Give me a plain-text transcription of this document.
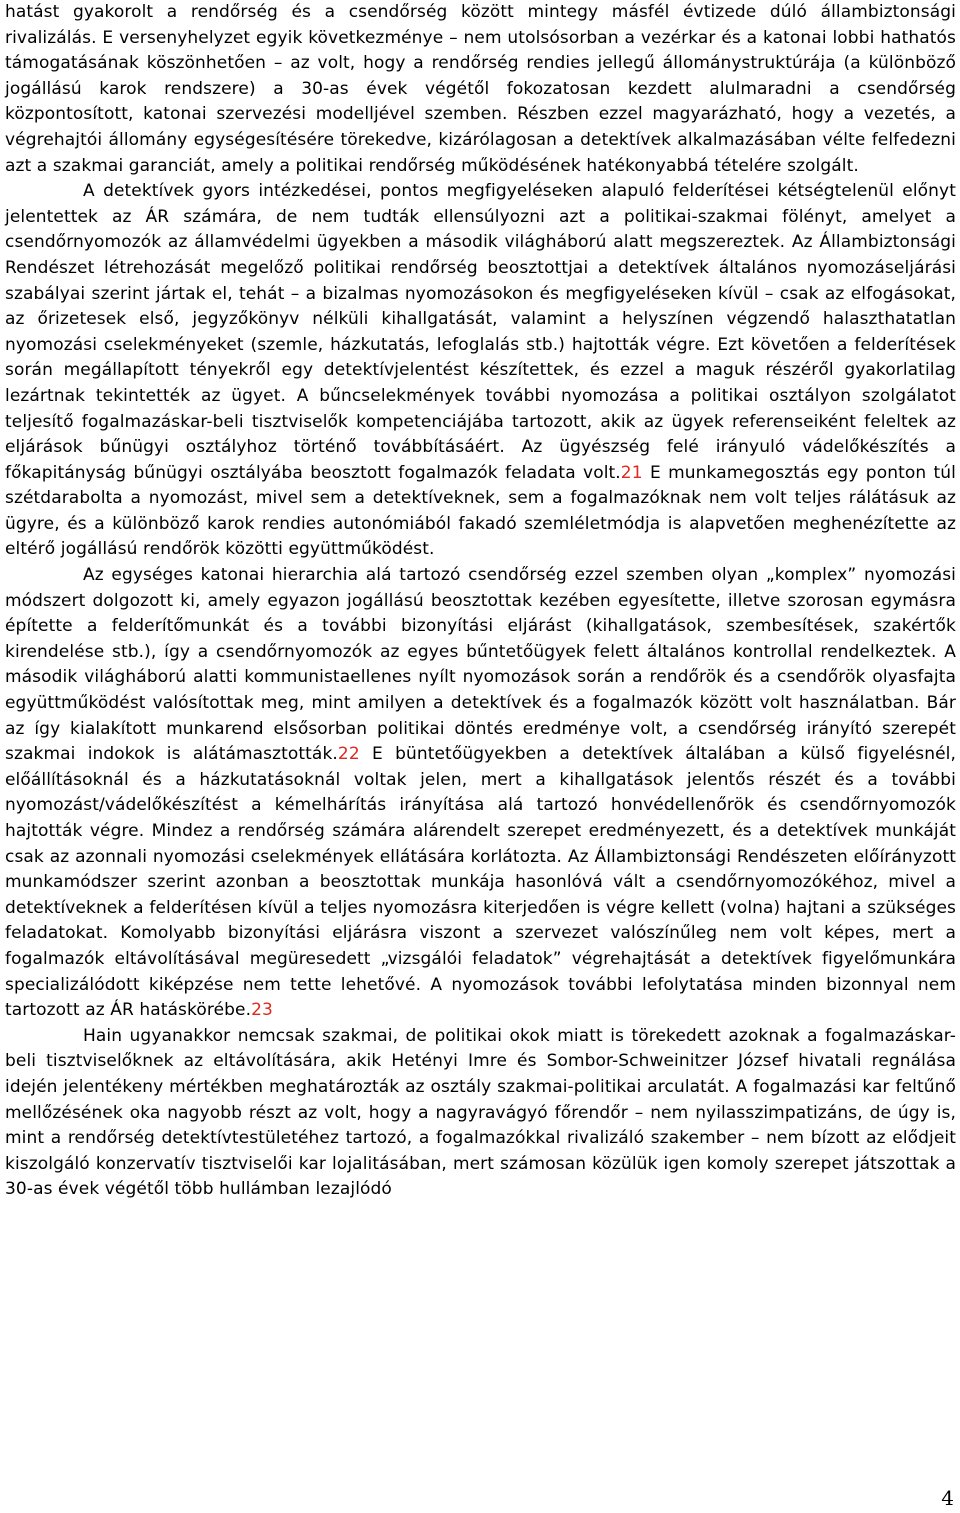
hatást gyakorolt a rendőrség és a csendőrség között mintegy másfél évtizede dúló állambiztonsági rivalizálás. E versenyhelyzet egyik következménye – nem utolsósorban a vezérkar és a katonai lobbi hathatós támogatásának köszönhetően – az volt, hogy a rendőrség rendies jellegű állománystruktúrája (a különböző jogállású karok rendszere) a 30-as évek végétől fokozatosan kezdett alulmaradni a csendőrség központosított, katonai szervezési modelljével szemben. Részben ezzel magyarázható, hogy a vezetés, a végrehajtói állomány egységesítésére törekedve, kizárólagosan a detektívek alkalmazásában vélte felfedezni azt a szakmai garanciát, amely a politikai rendőrség működésének hatékonyabbá tételére szolgált.

A detektívek gyors intézkedései, pontos megfigyeléseken alapuló felderítései kétségtelenül előnyt jelentettek az ÁR számára, de nem tudták ellensúlyozni azt a politikai-szakmai fölényt, amelyet a csendőrnyomozók az államvédelmi ügyekben a második világháború alatt megszereztek. Az Állambiztonsági Rendészet létrehozását megelőző politikai rendőrség beosztottjai a detektívek általános nyomozáseljárási szabályai szerint jártak el, tehát – a bizalmas nyomozásokon és megfigyeléseken kívül – csak az elfogásokat, az őrizetesek első, jegyzőkönyv nélküli kihallgatását, valamint a helyszínen végzendő halaszthatatlan nyomozási cselekményeket (szemle, házkutatás, lefoglalás stb.) hajtották végre. Ezt követően a felderítések során megállapított tényekről egy detektívjelentést készítettek, és ezzel a maguk részéről gyakorlatilag lezártnak tekintették az ügyet. A bűncselekmények további nyomozása a politikai osztályon szolgálatot teljesítő fogalmazáskar-beli tisztviselők kompetenciájába tartozott, akik az ügyek referenseiként feleltek az eljárások bűnügyi osztályhoz történő továbbításáért. Az ügyészség felé irányuló vádelőkészítés a főkapitányság bűnügyi osztályába beosztott fogalmazók feladata volt.21 E munkamegosztás egy ponton túl szétdarabolta a nyomozást, mivel sem a detektíveknek, sem a fogalmazóknak nem volt teljes rálátásuk az ügyre, és a különböző karok rendies autonómiából fakadó szemléletmódja is alapvetően meghenézítette az eltérő jogállású rendőrök közötti együttműködést.

Az egységes katonai hierarchia alá tartozó csendőrség ezzel szemben olyan „komplex” nyomozási módszert dolgozott ki, amely egyazon jogállású beosztottak kezében egyesítette, illetve szorosan egymásra építette a felderítőmunkát és a további bizonyítási eljárást (kihallgatások, szembesítések, szakértők kirendelése stb.), így a csendőrnyomozók az egyes bűntetőügyek felett általános kontrollal rendelkeztek. A második világháború alatti kommunistaellenes nyílt nyomozások során a rendőrök és a csendőrök olyasfajta együttműködést valósítottak meg, mint amilyen a detektívek és a fogalmazók között volt használatban. Bár az így kialakított munkarend elsősorban politikai döntés eredménye volt, a csendőrség irányító szerepét szakmai indokok is alátámasztották.22 E büntetőügyekben a detektívek általában a külső figyelésnél, előállításoknál és a házkutatásoknál voltak jelen, mert a kihallgatások jelentős részét és a további nyomozást/vádelőkészítést a kémelhárítás irányítása alá tartozó honvédellenőrök és csendőrnyomozók hajtották végre. Mindez a rendőrség számára alárendelt szerepet eredményezett, és a detektívek munkáját csak az azonnali nyomozási cselekmények ellátására korlátozta. Az Állambiztonsági Rendészeten előírányzott munkamódszer szerint azonban a beosztottak munkája hasonlóvá vált a csendőrnyomozókéhoz, mivel a detektíveknek a felderítésen kívül a teljes nyomozásra kiterjedően is végre kellett (volna) hajtani a szükséges feladatokat. Komolyabb bizonyítási eljárásra viszont a szervezet valószínűleg nem volt képes, mert a fogalmazók eltávolításával megüresedett „vizsgálói feladatok” végrehajtását a detektívek figyelőmunkára specializálódott kiképzése nem tette lehetővé. A nyomozások további lefolytatása minden bizonnyal nem tartozott az ÁR hatáskörébe.23

Hain ugyanakkor nemcsak szakmai, de politikai okok miatt is törekedett azoknak a fogalmazáskar-beli tisztviselőknek az eltávolítására, akik Hetényi Imre és Sombor-Schweinitzer József hivatali regnálása idején jelentékeny mértékben meghatározták az osztály szakmai-politikai arculatát. A fogalmazási kar feltűnő mellőzésének oka nagyobb részt az volt, hogy a nagyravágyó főrendőr – nem nyilasszimpatizáns, de úgy is, mint a rendőrség detektívtestületéhez tartozó, a fogalmazókkal rivalizáló szakember – nem bízott az elődjeit kiszolgáló konzervatív tisztviselői kar lojalitásában, mert számosan közülük igen komoly szerepet játszottak a 30-as évek végétől több hullámban lezajlódó

4
